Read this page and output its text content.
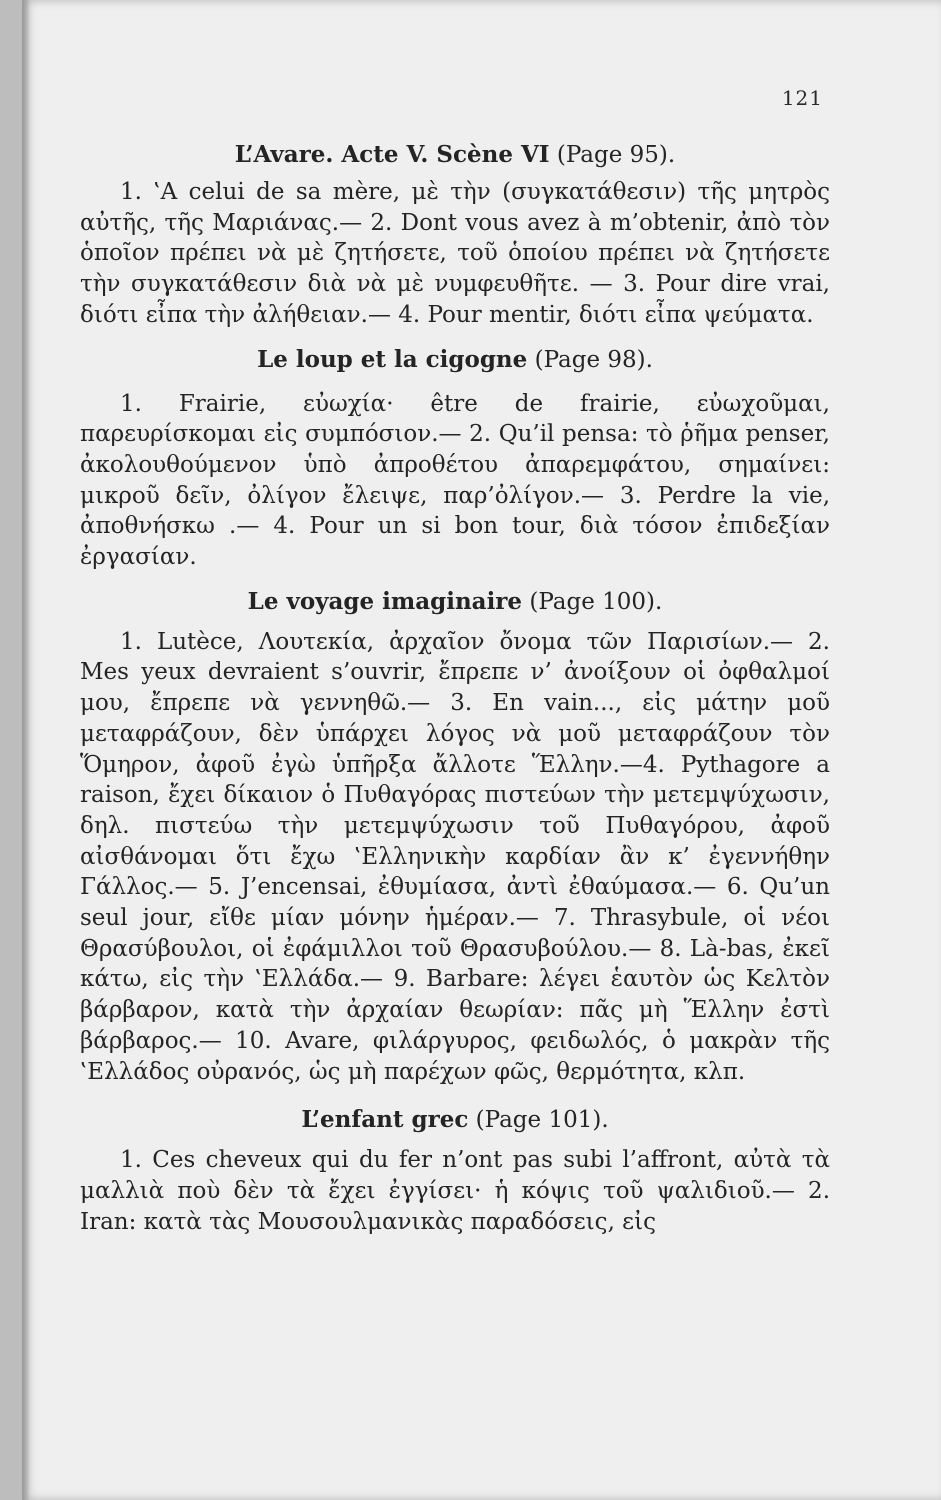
121
L’Avare. Acte V. Scène VI (Page 95).

1. ‛A celui de sa mère, μὲ τὴν (συγκατάθεσιν) τῆς μητρὸς αὐτῆς, τῆς Μαριάνας.— 2. Dont vous avez à m’obtenir, ἀπὸ τὸν ὁποῖον πρέπει νὰ μὲ ζητήσετε, τοῦ ὁποίου πρέπει νὰ ζητήσετε τὴν συγκατάθεσιν διὰ νὰ μὲ νυμφευθῆτε. — 3. Pour dire vrai, διότι εἶπα τὴν ἀλήθειαν.— 4. Pour mentir, διότι εἶπα ψεύματα.

Le loup et la cigogne (Page 98).

1. Frairie, εὐωχία· être de frairie, εὐωχοῦμαι, παρευρίσκομαι εἰς συμπόσιον.— 2. Qu’il pensa: τὸ ῥῆμα penser, ἀκολουθούμενον ὑπὸ ἀπροθέτου ἀπαρεμφάτου, σημαίνει: μικροῦ δεῖν, ὀλίγον ἔλειψε, παρ’ὀλίγον.— 3. Perdre la vie, ἀποθνήσκω .— 4. Pour un si bon tour, διὰ τόσον ἐπιδεξίαν ἐργασίαν.

Le voyage imaginaire (Page 100).

1. Lutèce, Λουτεκία, ἀρχαῖον ὄνομα τῶν Παρισίων.— 2. Mes yeux devraient s’ouvrir, ἔπρεπε ν’ ἀνοίξουν οἱ ὀφθαλμοί μου, ἔπρεπε νὰ γεννηθῶ.— 3. En vain..., εἰς μάτην μοῦ μεταφράζουν, δὲν ὑπάρχει λόγος νὰ μοῦ μεταφράζουν τὸν Ὅμηρον, ἀφοῦ ἐγὼ ὑπῆρξα ἄλλοτε Ἕλλην.—4. Pythagore a raison, ἔχει δίκαιον ὁ Πυθαγόρας πιστεύων τὴν μετεμψύχωσιν, δηλ. πιστεύω τὴν μετεμψύχωσιν τοῦ Πυθαγόρου, ἀφοῦ αἰσθάνομαι ὅτι ἔχω ‛Ελληνικὴν καρδίαν ἂν κ’ ἐγεννήθην Γάλλος.— 5. J’encensai, ἐθυμίασα, ἀντὶ ἐθαύμασα.— 6. Qu’un seul jour, εἴθε μίαν μόνην ἡμέραν.— 7. Thrasybule, οἱ νέοι Θρασύβουλοι, οἱ ἐφάμιλλοι τοῦ Θρασυβούλου.— 8. Là-bas, ἐκεῖ κάτω, εἰς τὴν ‛Ελλάδα.— 9. Barbare: λέγει ἑαυτὸν ὡς Κελτὸν βάρβαρον, κατὰ τὴν ἀρχαίαν θεωρίαν: πᾶς μὴ Ἕλλην ἐστὶ βάρβαρος.— 10. Avare, φιλάργυρος, φειδωλός, ὁ μακρὰν τῆς ‛Ελλάδος οὐρανός, ὡς μὴ παρέχων φῶς, θερμότητα, κλπ.

L’enfant grec (Page 101).

1. Ces cheveux qui du fer n’ont pas subi l’affront, αὐτὰ τὰ μαλλιὰ ποὺ δὲν τὰ ἔχει ἐγγίσει· ἡ κόψις τοῦ ψαλιδιοῦ.— 2. Iran: κατὰ τὰς Μουσουλμανικὰς παραδόσεις, εἰς
